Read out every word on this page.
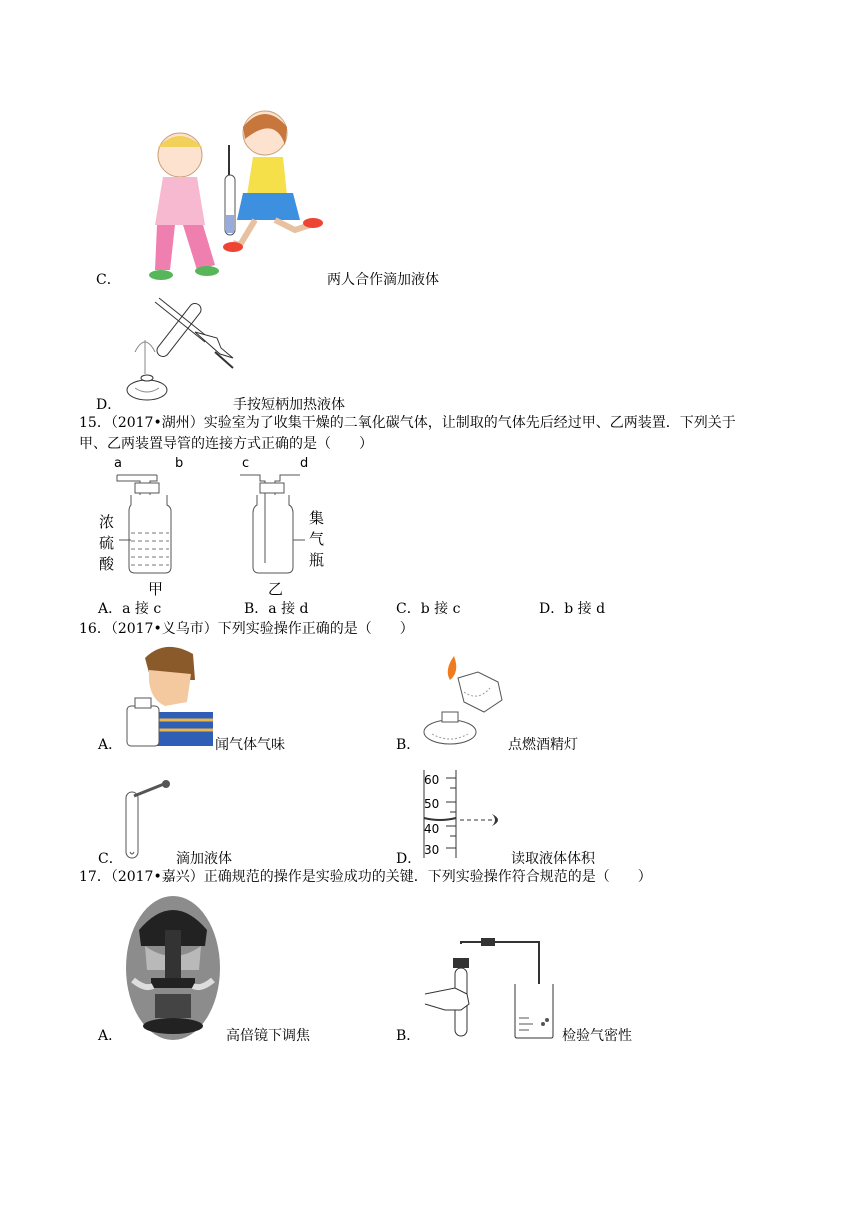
C．	两人合作滴加液体
D．	手按短柄加热液体
15．（2017•湖州）实验室为了收集干燥的二氧化碳气体，让制取的气体先后经过甲、乙两装置．下列关于
甲、乙两装置导管的连接方式正确的是（　　）
a	b	c	d
浓
硫
酸
集
气
瓶
甲	乙
A．a 接 c	B．a 接 d	C．b 接 c	D．b 接 d
16．（2017•义乌市）下列实验操作正确的是（　　）
A．	闻气体气味	B．	点燃酒精灯
C．	滴加液体
60
50
40
30
D．	读取液体体积
17．（2017•嘉兴）正确规范的操作是实验成功的关键．下列实验操作符合规范的是（　　）
A．	高倍镜下调焦	B．	检验气密性
